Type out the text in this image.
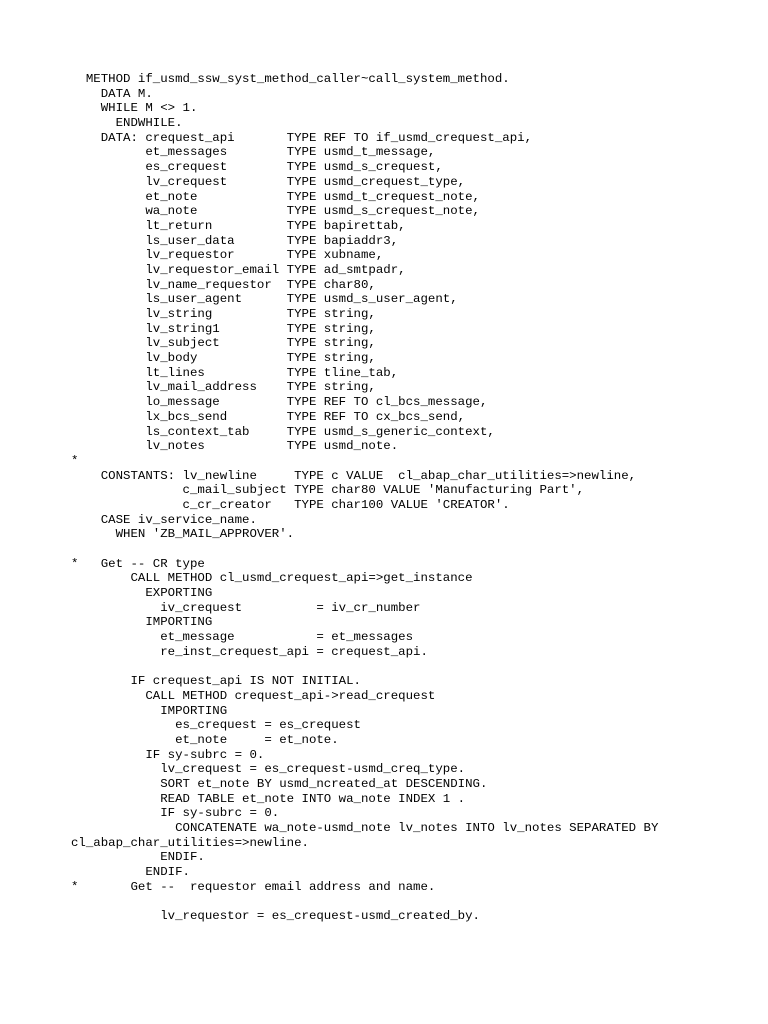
METHOD if_usmd_ssw_syst_method_caller~call_system_method.
DATA M.
WHILE M <> 1.
ENDWHILE.
DATA: crequest_api       TYPE REF TO if_usmd_crequest_api,
et_messages        TYPE usmd_t_message,
es_crequest        TYPE usmd_s_crequest,
lv_crequest        TYPE usmd_crequest_type,
et_note            TYPE usmd_t_crequest_note,
wa_note            TYPE usmd_s_crequest_note,
lt_return          TYPE bapirettab,
ls_user_data       TYPE bapiaddr3,
lv_requestor       TYPE xubname,
lv_requestor_email TYPE ad_smtpadr,
lv_name_requestor  TYPE char80,
ls_user_agent      TYPE usmd_s_user_agent,
lv_string          TYPE string,
lv_string1         TYPE string,
lv_subject         TYPE string,
lv_body            TYPE string,
lt_lines           TYPE tline_tab,
lv_mail_address    TYPE string,
lo_message         TYPE REF TO cl_bcs_message,
lx_bcs_send        TYPE REF TO cx_bcs_send,
ls_context_tab     TYPE usmd_s_generic_context,
lv_notes           TYPE usmd_note.
*
CONSTANTS: lv_newline     TYPE c VALUE  cl_abap_char_utilities=>newline,
c_mail_subject TYPE char80 VALUE 'Manufacturing Part',
c_cr_creator   TYPE char100 VALUE 'CREATOR'.
CASE iv_service_name.
WHEN 'ZB_MAIL_APPROVER'.
*   Get -- CR type
CALL METHOD cl_usmd_crequest_api=>get_instance
EXPORTING
iv_crequest          = iv_cr_number
IMPORTING
et_message           = et_messages
re_inst_crequest_api = crequest_api.
IF crequest_api IS NOT INITIAL.
CALL METHOD crequest_api->read_crequest
IMPORTING
es_crequest = es_crequest
et_note     = et_note.
IF sy-subrc = 0.
lv_crequest = es_crequest-usmd_creq_type.
SORT et_note BY usmd_ncreated_at DESCENDING.
READ TABLE et_note INTO wa_note INDEX 1 .
IF sy-subrc = 0.
CONCATENATE wa_note-usmd_note lv_notes INTO lv_notes SEPARATED BY
cl_abap_char_utilities=>newline.
ENDIF.
ENDIF.
*       Get --  requestor email address and name.
lv_requestor = es_crequest-usmd_created_by.
